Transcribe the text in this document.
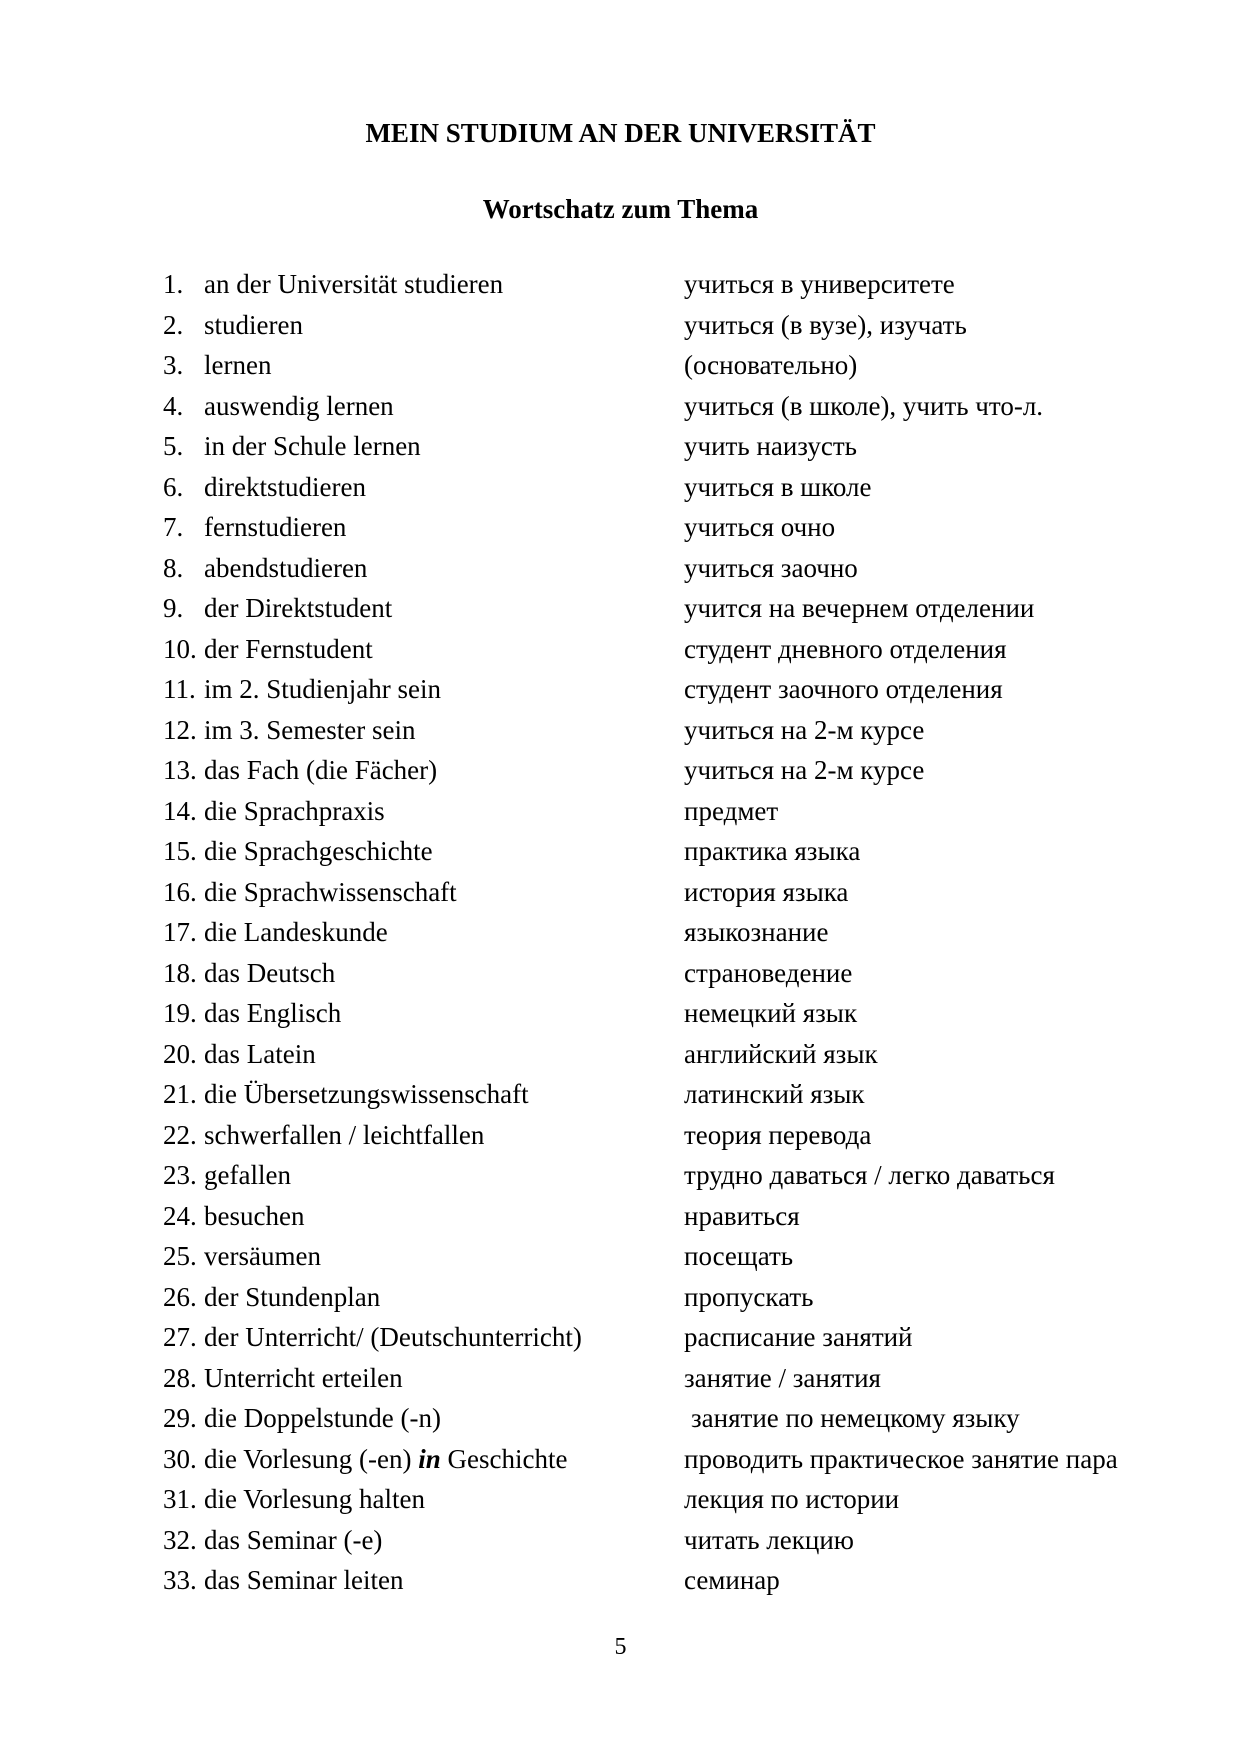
MEIN STUDIUM AN DER UNIVERSITÄT
Wortschatz zum Thema
1. an der Universität studieren	учиться в университете
2. studieren	учиться (в вузе), изучать
3. lernen	(основательно)
4. auswendig lernen	учиться (в школе), учить что-л.
5. in der Schule lernen	учить наизусть
6. direktstudieren	учиться в школе
7. fernstudieren	учиться очно
8. abendstudieren	учиться заочно
9. der Direktstudent	учится на вечернем отделении
10. der Fernstudent	студент дневного отделения
11. im 2. Studienjahr sein	студент заочного отделения
12. im 3. Semester sein	учиться на 2-м курсе
13. das Fach (die Fächer)	учиться на 2-м курсе
14. die Sprachpraxis	предмет
15. die Sprachgeschichte	практика языка
16. die Sprachwissenschaft	история языка
17. die Landeskunde	языкознание
18. das Deutsch	страноведение
19. das Englisch	немецкий язык
20. das Latein	английский язык
21. die Übersetzungswissenschaft	латинский язык
22. schwerfallen / leichtfallen	теория перевода
23. gefallen	трудно даваться / легко даваться
24. besuchen	нравиться
25. versäumen	посещать
26. der Stundenplan	пропускать
27. der Unterricht/ (Deutschunterricht)	расписание занятий
28. Unterricht erteilen	занятие / занятия
29. die Doppelstunde (-n)	занятие по немецкому языку
30. die Vorlesung (-en) in Geschichte	проводить практическое занятие пара
31. die Vorlesung halten	лекция по истории
32. das Seminar (-e)	читать лекцию
33. das Seminar leiten	семинар
5
